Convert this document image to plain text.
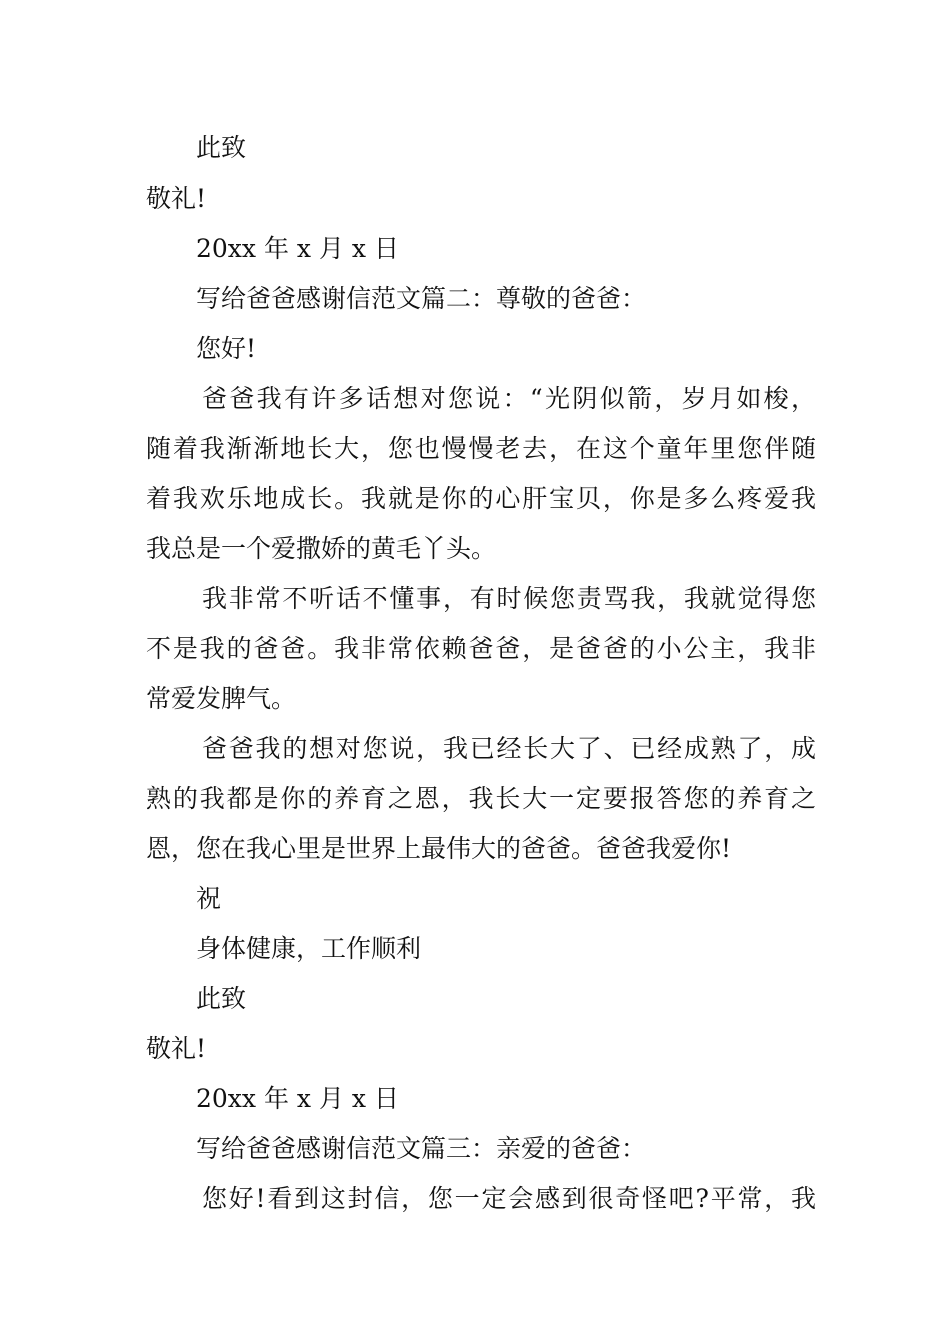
此致
敬礼!
20xx 年 x 月 x 日
写给爸爸感谢信范文篇二：尊敬的爸爸：
您好!
爸爸我有许多话想对您说：“光阴似箭，岁月如梭，
随着我渐渐地长大，您也慢慢老去，在这个童年里您伴随
着我欢乐地成长。我就是你的心肝宝贝，你是多么疼爱我
我总是一个爱撒娇的黄毛丫头。
我非常不听话不懂事，有时候您责骂我，我就觉得您
不是我的爸爸。我非常依赖爸爸，是爸爸的小公主，我非
常爱发脾气。
爸爸我的想对您说，我已经长大了、已经成熟了，成
熟的我都是你的养育之恩，我长大一定要报答您的养育之
恩，您在我心里是世界上最伟大的爸爸。爸爸我爱你!
祝
身体健康，工作顺利
此致
敬礼!
20xx 年 x 月 x 日
写给爸爸感谢信范文篇三：亲爱的爸爸：
您好!看到这封信，您一定会感到很奇怪吧?平常，我
